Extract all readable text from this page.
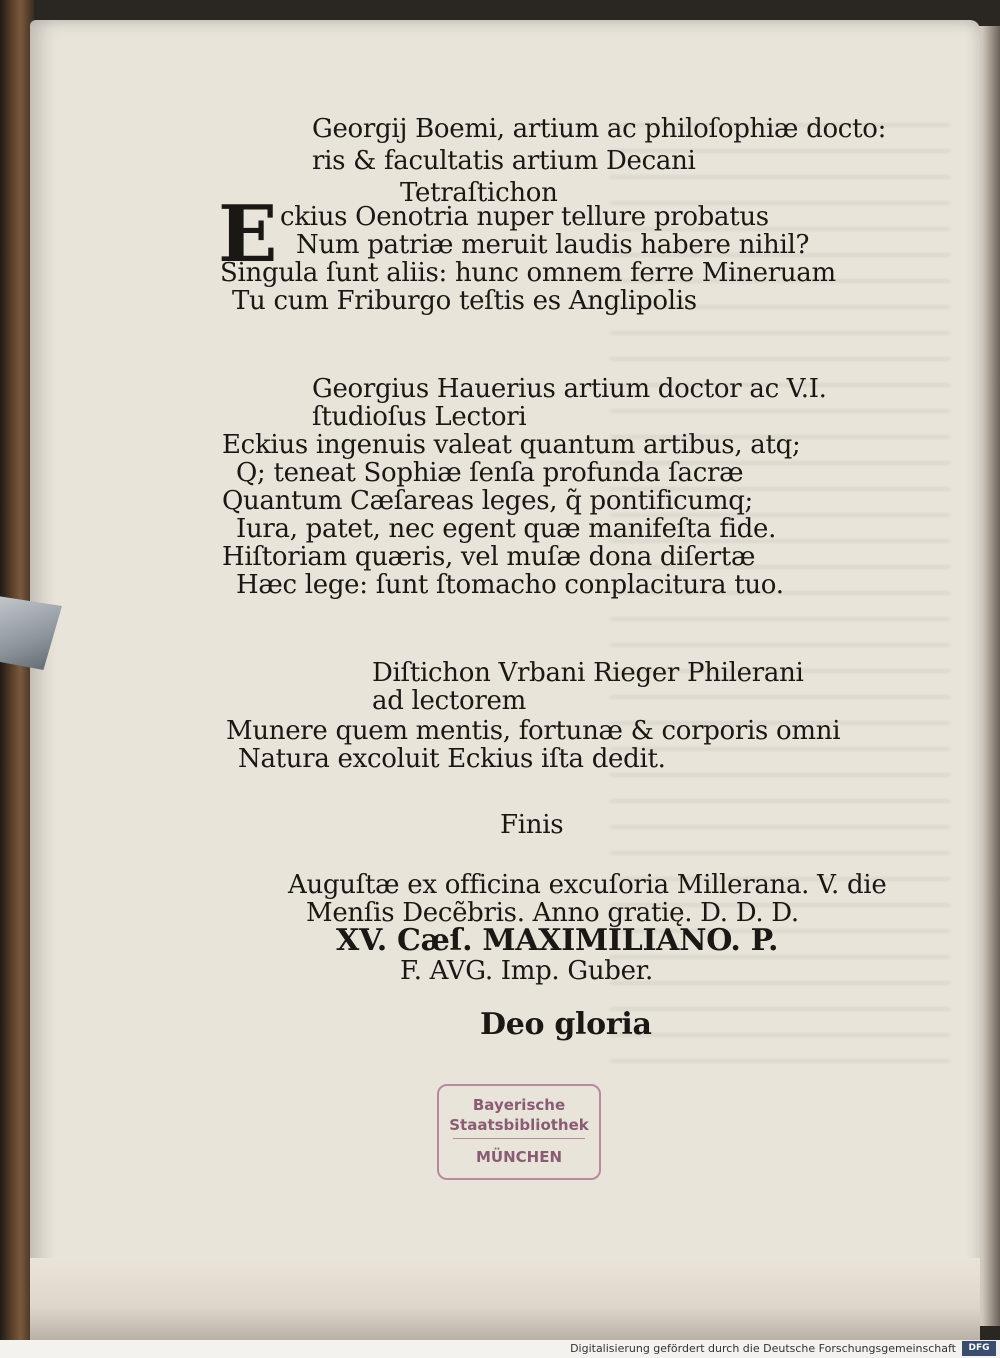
E
Georgij Boemi, artium ac philoſophiæ docto:
ris & facultatis artium Decani
Tetraſtichon
ckius Oenotria nuper tellure probatus
Num patriæ meruit laudis habere nihil?
Singula ſunt aliis: hunc omnem ferre Mineruam
Tu cum Friburgo teſtis es Anglipolis
Georgius Hauerius artium doctor ac V.I.
ſtudioſus Lectori
Eckius ingenuis valeat quantum artibus, atq;
Q; teneat Sophiæ ſenſa profunda ſacræ
Quantum Cæſareas leges, q̃ pontificumq;
Iura, patet, nec egent quæ manifeſta fide.
Hiſtoriam quæris, vel muſæ dona diſertæ
Hæc lege: ſunt ſtomacho conplacitura tuo.
Diſtichon Vrbani Rieger Philerani
ad lectorem
Munere quem mentis, fortunæ & corporis omni
Natura excoluit Eckius iſta dedit.
Finis
Auguſtæ ex officina excuſoria Millerana. V. die
Menſis Decẽbris. Anno gratię. D. D. D.
XV. Cæſ. MAXIMILIANO. P.
F. AVG. Imp. Guber.
Deo gloria
Bayerische
Staatsbibliothek
MÜNCHEN
Digitalisierung gefördert durch die Deutsche Forschungsgemeinschaft	DFG
